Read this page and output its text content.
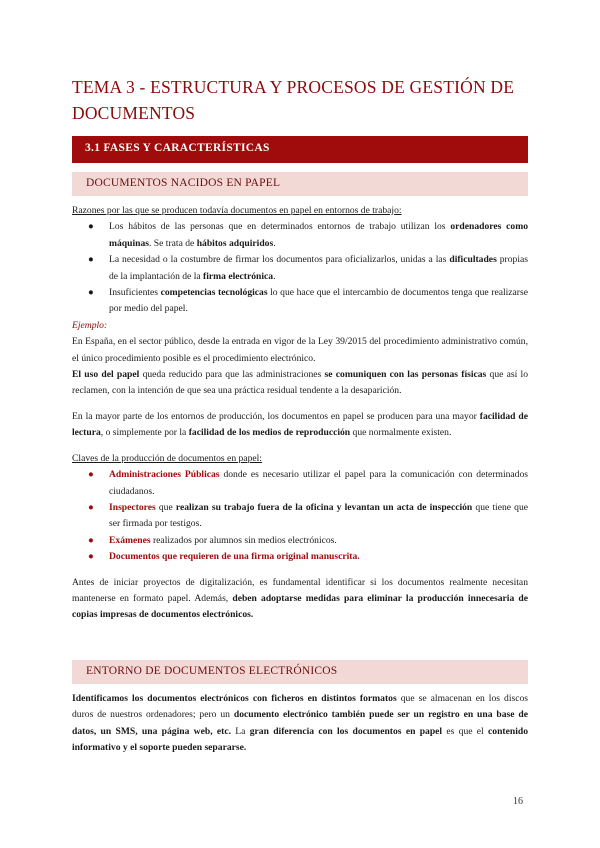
TEMA 3 - ESTRUCTURA Y PROCESOS DE GESTIÓN DE DOCUMENTOS
3.1 FASES Y CARACTERÍSTICAS
DOCUMENTOS NACIDOS EN PAPEL

Razones por las que se producen todavía documentos en papel en entornos de trabajo:

● Los hábitos de las personas que en determinados entornos de trabajo utilizan los ordenadores como máquinas. Se trata de hábitos adquiridos.
● La necesidad o la costumbre de firmar los documentos para oficializarlos, unidas a las dificultades propias de la implantación de la firma electrónica.
● Insuficientes competencias tecnológicas lo que hace que el intercambio de documentos tenga que realizarse por medio del papel.

Ejemplo:

En España, en el sector público, desde la entrada en vigor de la Ley 39/2015 del procedimiento administrativo común, el único procedimiento posible es el procedimiento electrónico.

El uso del papel queda reducido para que las administraciones se comuniquen con las personas físicas que así lo reclamen, con la intención de que sea una práctica residual tendente a la desaparición.

En la mayor parte de los entornos de producción, los documentos en papel se producen para una mayor facilidad de lectura, o simplemente por la facilidad de los medios de reproducción que normalmente existen.

Claves de la producción de documentos en papel:

● Administraciones Públicas donde es necesario utilizar el papel para la comunicación con determinados ciudadanos.
● Inspectores que realizan su trabajo fuera de la oficina y levantan un acta de inspección que tiene que ser firmada por testigos.
● Exámenes realizados por alumnos sin medios electrónicos.
● Documentos que requieren de una firma original manuscrita.

Antes de iniciar proyectos de digitalización, es fundamental identificar si los documentos realmente necesitan mantenerse en formato papel. Además, deben adoptarse medidas para eliminar la producción innecesaria de copias impresas de documentos electrónicos.

ENTORNO DE DOCUMENTOS ELECTRÓNICOS

Identificamos los documentos electrónicos con ficheros en distintos formatos que se almacenan en los discos duros de nuestros ordenadores; pero un documento electrónico también puede ser un registro en una base de datos, un SMS, una página web, etc. La gran diferencia con los documentos en papel es que el contenido informativo y el soporte pueden separarse.

16
